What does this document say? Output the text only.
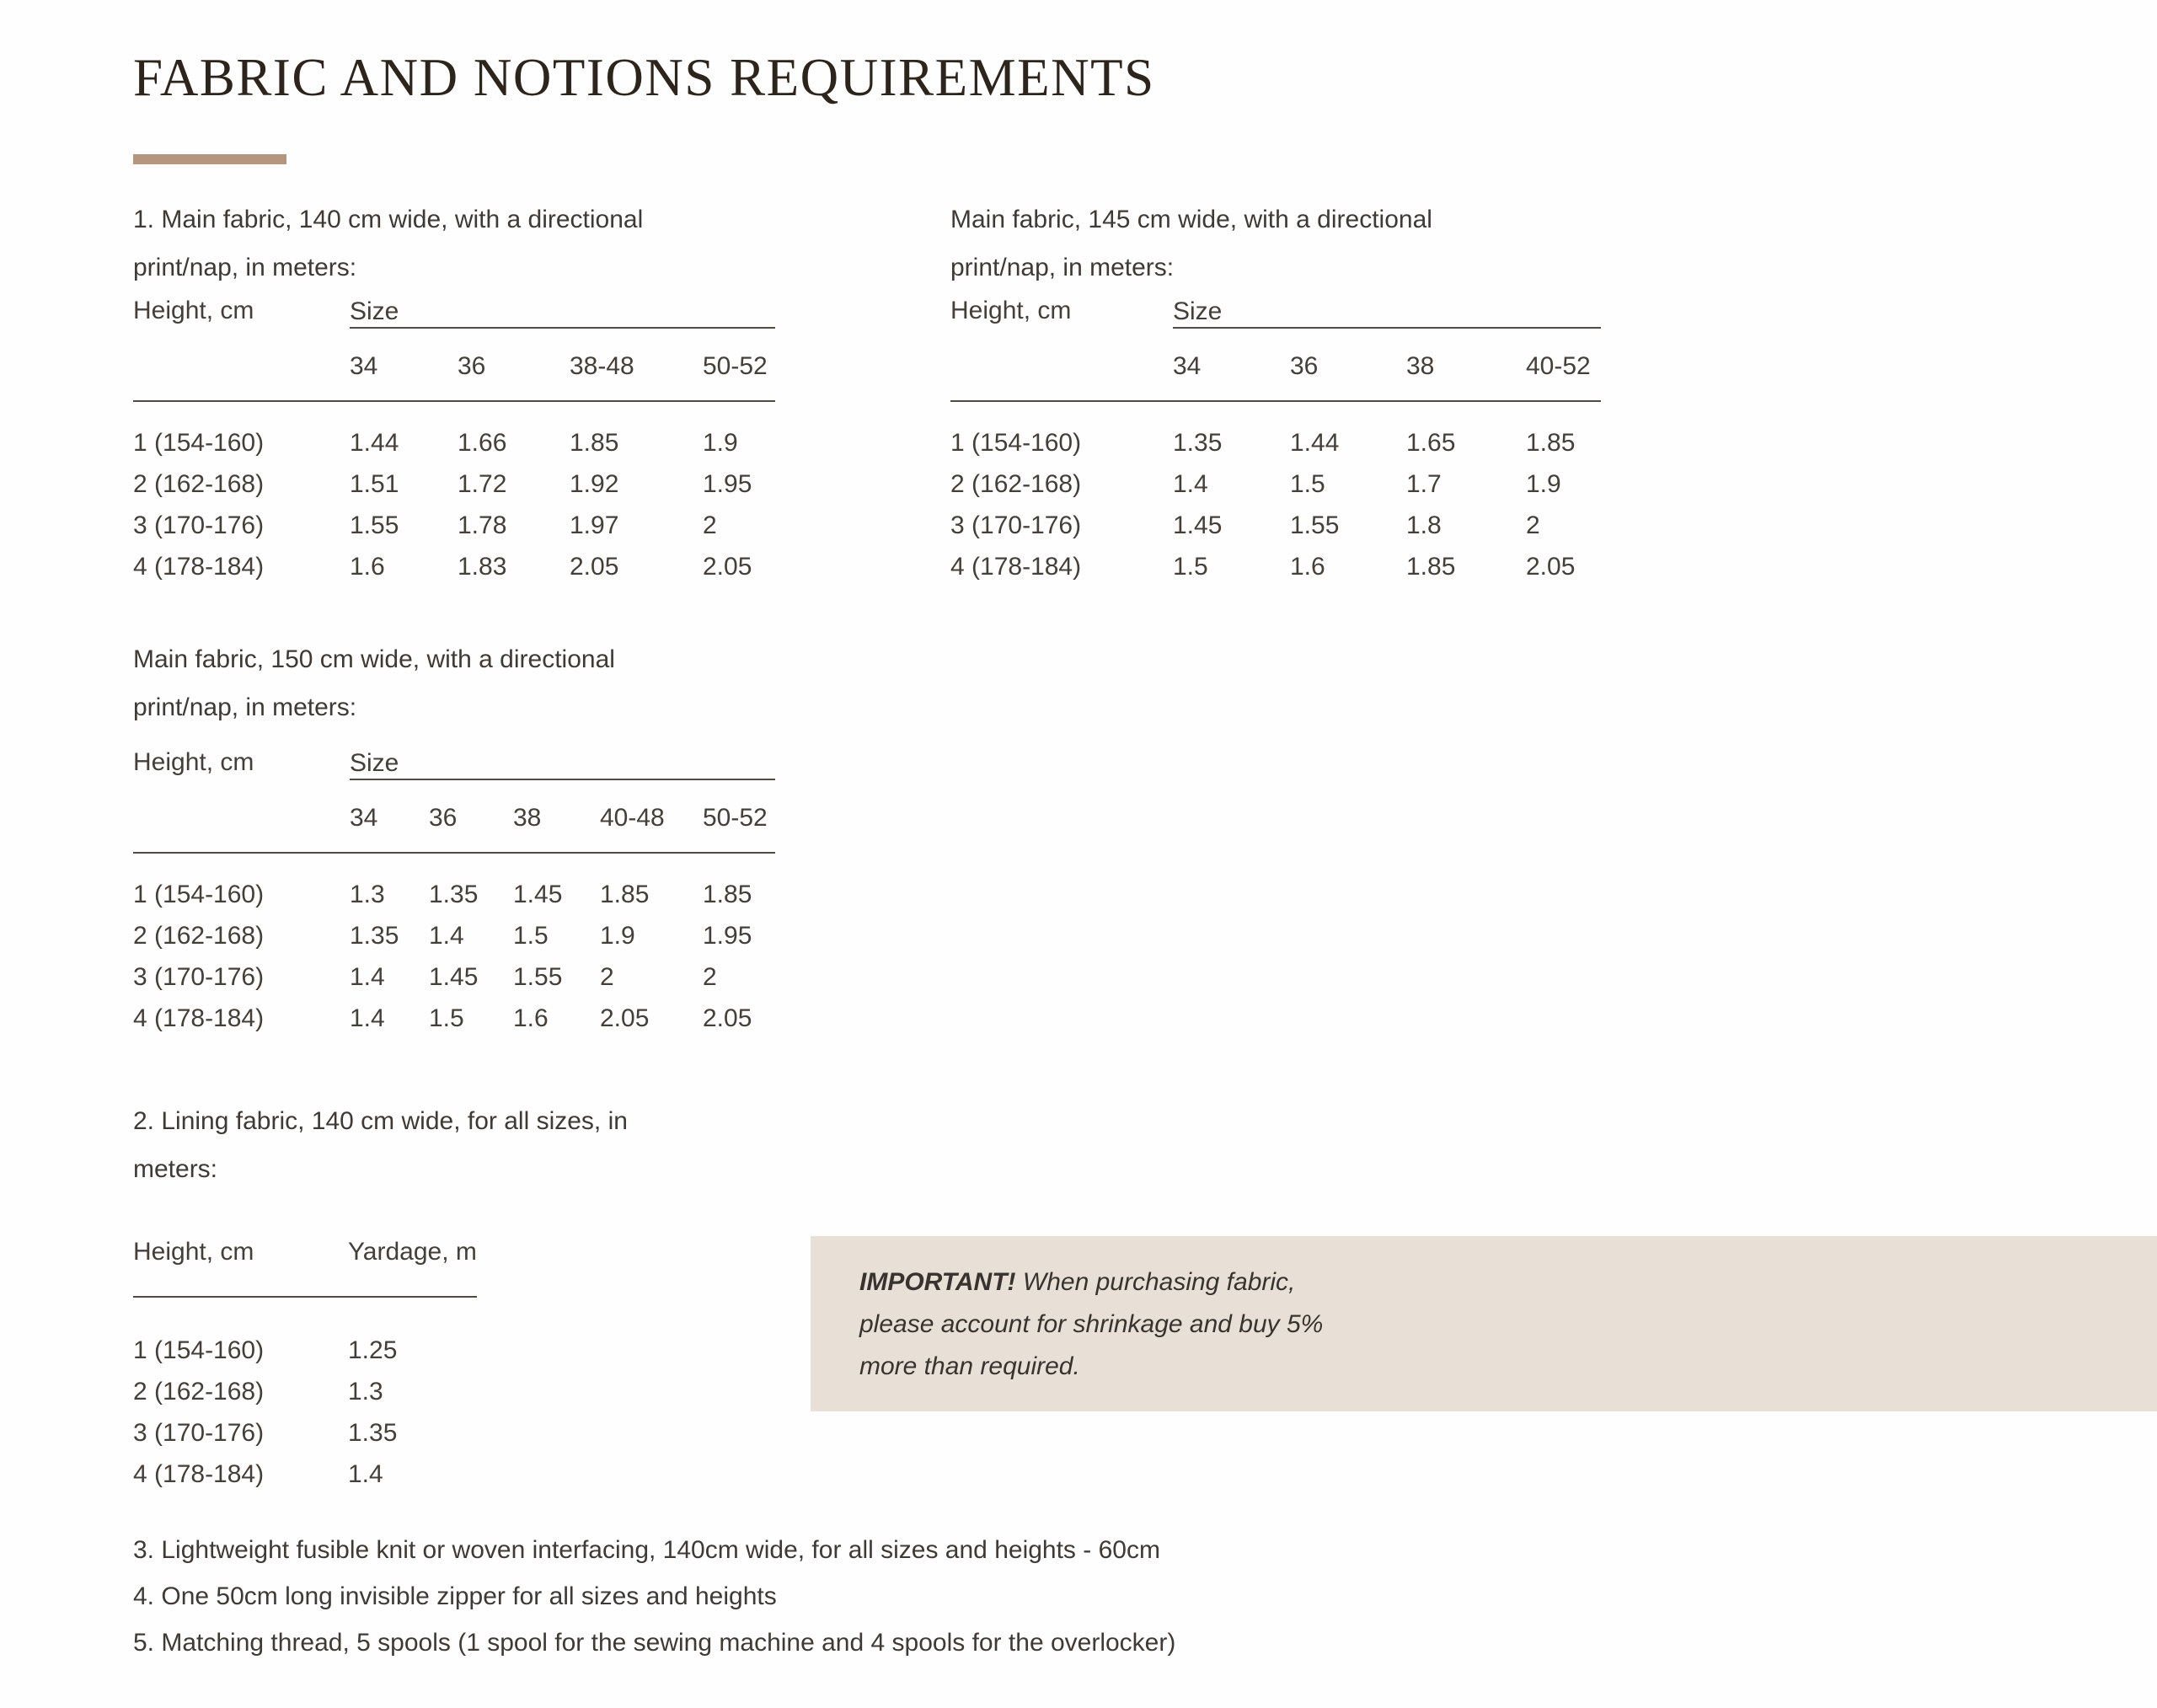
FABRIC AND NOTIONS REQUIREMENTS

1. Main fabric, 140 cm wide, with a directional
print/nap, in meters:

Main fabric, 145 cm wide, with a directional
print/nap, in meters:

Main fabric, 150 cm wide, with a directional
print/nap, in meters:

2. Lining fabric, 140 cm wide, for all sizes, in
meters:

Height, cm	Size			
	34	36	38-48	50-52
1 (154-160)	1.44	1.66	1.85	1.9
2 (162-168)	1.51	1.72	1.92	1.95
3 (170-176)	1.55	1.78	1.97	2
4 (178-184)	1.6	1.83	2.05	2.05
Height, cm	Size			
	34	36	38	40-52
1 (154-160)	1.35	1.44	1.65	1.85
2 (162-168)	1.4	1.5	1.7	1.9
3 (170-176)	1.45	1.55	1.8	2
4 (178-184)	1.5	1.6	1.85	2.05
Height, cm	Size				
	34	36	38	40-48	50-52
1 (154-160)	1.3	1.35	1.45	1.85	1.85
2 (162-168)	1.35	1.4	1.5	1.9	1.95
3 (170-176)	1.4	1.45	1.55	2	2
4 (178-184)	1.4	1.5	1.6	2.05	2.05
Height, cm	Yardage, m
1 (154-160)	1.25
2 (162-168)	1.3
3 (170-176)	1.35
4 (178-184)	1.4
IMPORTANT! When purchasing fabric,
please account for shrinkage and buy 5%
more than required.
3. Lightweight fusible knit or woven interfacing, 140cm wide, for all sizes and heights - 60cm
4. One 50cm long invisible zipper for all sizes and heights
5. Matching thread, 5 spools (1 spool for the sewing machine and 4 spools for the overlocker)
